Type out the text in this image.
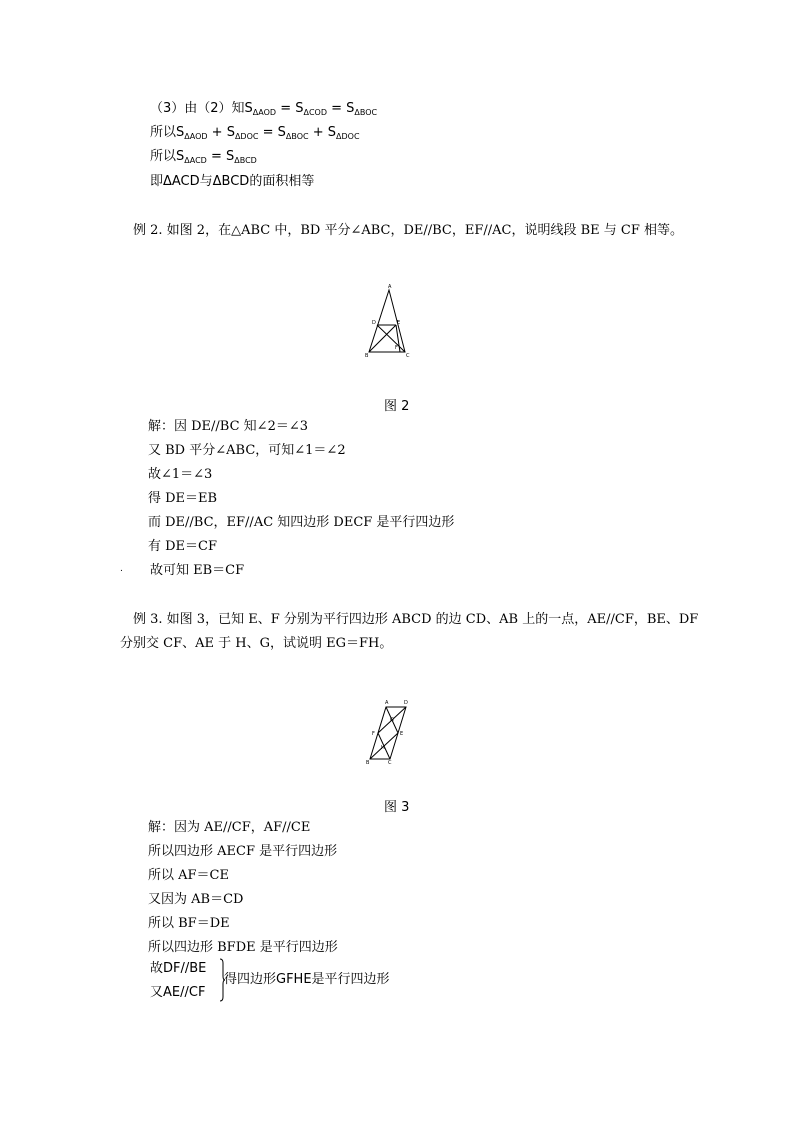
（3）由（2）知$S_{\Delta AOD} = S_{\Delta COD} = S_{\Delta BOC}$
所以$S_{\Delta AOD} + S_{\Delta DOC} = S_{\Delta BOC} + S_{\Delta DOC}$
所以$S_{\Delta ACD} = S_{\Delta BCD}$
即ΔACD与ΔBCD的面积相等
例 2. 如图 2，在△ABC 中，BD 平分∠ABC，DE//BC，EF//AC，说明线段 BE 与 CF 相等。
A
D	E
B	C
F
图 2
解：因 DE//BC 知∠2＝∠3
又 BD 平分∠ABC，可知∠1＝∠2
故∠1＝∠3
得 DE＝EB
而 DE//BC，EF//AC 知四边形 DECF 是平行四边形
有 DE＝CF
. 故可知 EB＝CF
例 3. 如图 3，已知 E、F 分别为平行四边形 ABCD 的边 CD、AB 上的一点，AE//CF，BE、DF
分别交 CF、AE 于 H、G，试说明 EG＝FH。
A	D
E
F
G
H
B	C
图 3
解：因为 AE//CF，AF//CE
所以四边形 AECF 是平行四边形
所以 AF＝CE
又因为 AB＝CD
所以 BF＝DE
所以四边形 BFDE 是平行四边形
故DF//BE
又AE//CF
得四边形GFHE是平行四边形
